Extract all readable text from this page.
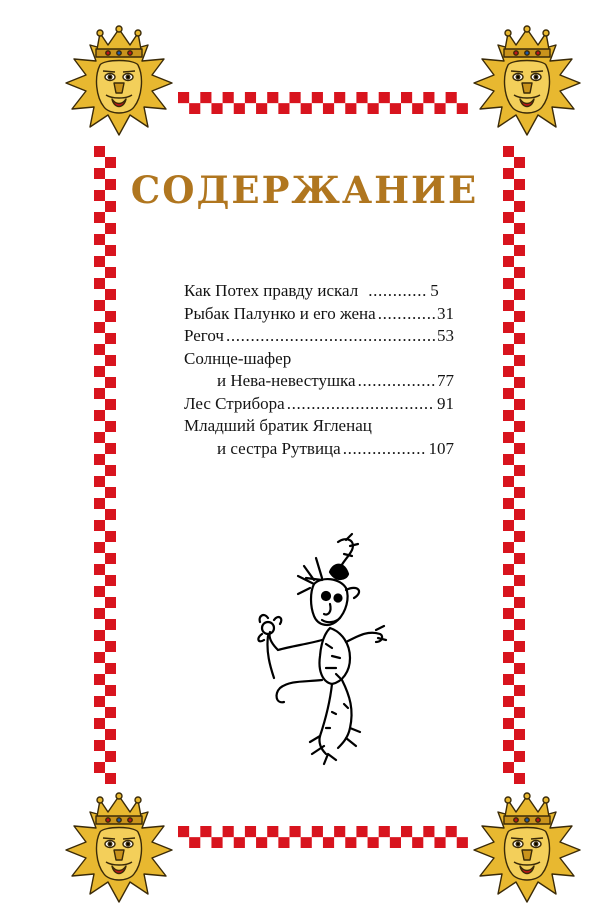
СОДЕРЖАНИЕ
Как Потех правду искал . . .	5
Рыбак Палунко и его жена . . .	31
Регоч . . .	53
Солнце-шафер
и Нева-невестушка . . .	77
Лес Стрибора . . .	91
Младший братик Ягленац
и сестра Рутвица . . .	107
